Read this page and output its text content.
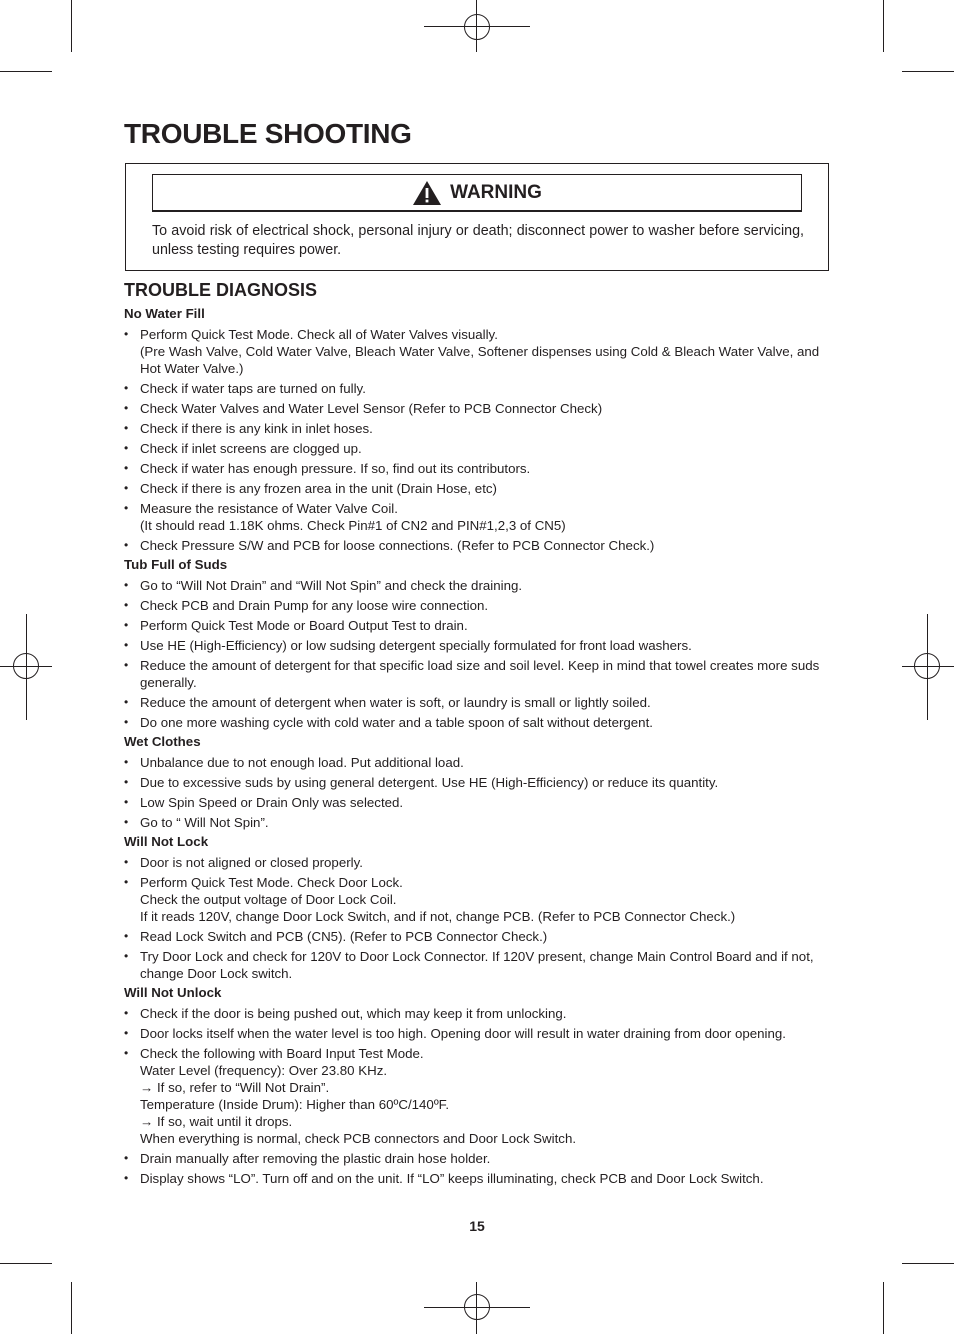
TROUBLE SHOOTING
WARNING

To avoid risk of electrical shock, personal injury or death; disconnect power to washer before servicing, unless testing requires power.

TROUBLE DIAGNOSIS
No Water Fill
• Perform Quick Test Mode. Check all of Water Valves visually.
(Pre Wash Valve, Cold Water Valve, Bleach Water Valve, Softener dispenses using Cold & Bleach Water Valve, and Hot Water Valve.)
• Check if water taps are turned on fully.
• Check Water Valves and Water Level Sensor (Refer to PCB Connector Check)
• Check if there is any kink in inlet hoses.
• Check if inlet screens are clogged up.
• Check if water has enough pressure. If so, find out its contributors.
• Check if there is any frozen area in the unit (Drain Hose, etc)
• Measure the resistance of Water Valve Coil.
(It should read 1.18K ohms. Check Pin#1 of CN2 and PIN#1,2,3 of CN5)
• Check Pressure S/W and PCB for loose connections. (Refer to PCB Connector Check.)
Tub Full of Suds
• Go to “Will Not Drain” and “Will Not Spin” and check the draining.
• Check PCB and Drain Pump for any loose wire connection.
• Perform Quick Test Mode or Board Output Test to drain.
• Use HE (High-Efficiency) or low sudsing detergent specially formulated for front load washers.
• Reduce the amount of detergent for that specific load size and soil level. Keep in mind that towel creates more suds generally.
• Reduce the amount of detergent when water is soft, or laundry is small or lightly soiled.
• Do one more washing cycle with cold water and a table spoon of salt without detergent.
Wet Clothes
• Unbalance due to not enough load. Put additional load.
• Due to excessive suds by using general detergent. Use HE (High-Efficiency) or reduce its quantity.
• Low Spin Speed or Drain Only was selected.
• Go to “ Will Not Spin”.
Will Not Lock
• Door is not aligned or closed properly.
• Perform Quick Test Mode. Check Door Lock.
Check the output voltage of Door Lock Coil.
If it reads 120V, change Door Lock Switch, and if not, change PCB. (Refer to PCB Connector Check.)
• Read Lock Switch and PCB (CN5). (Refer to PCB Connector Check.)
• Try Door Lock and check for 120V to Door Lock Connector. If 120V present, change Main Control Board and if not, change Door Lock switch.
Will Not Unlock
• Check if the door is being pushed out, which may keep it from unlocking.
• Door locks itself when the water level is too high. Opening door will result in water draining from door opening.
• Check the following with Board Input Test Mode.
Water Level (frequency): Over 23.80 KHz.
→ If so, refer to “Will Not Drain”.
Temperature (Inside Drum): Higher than 60ºC/140ºF.
→ If so, wait until it drops.
When everything is normal, check PCB connectors and Door Lock Switch.
• Drain manually after removing the plastic drain hose holder.
• Display shows “LO”. Turn off and on the unit. If “LO” keeps illuminating, check PCB and Door Lock Switch.
15
